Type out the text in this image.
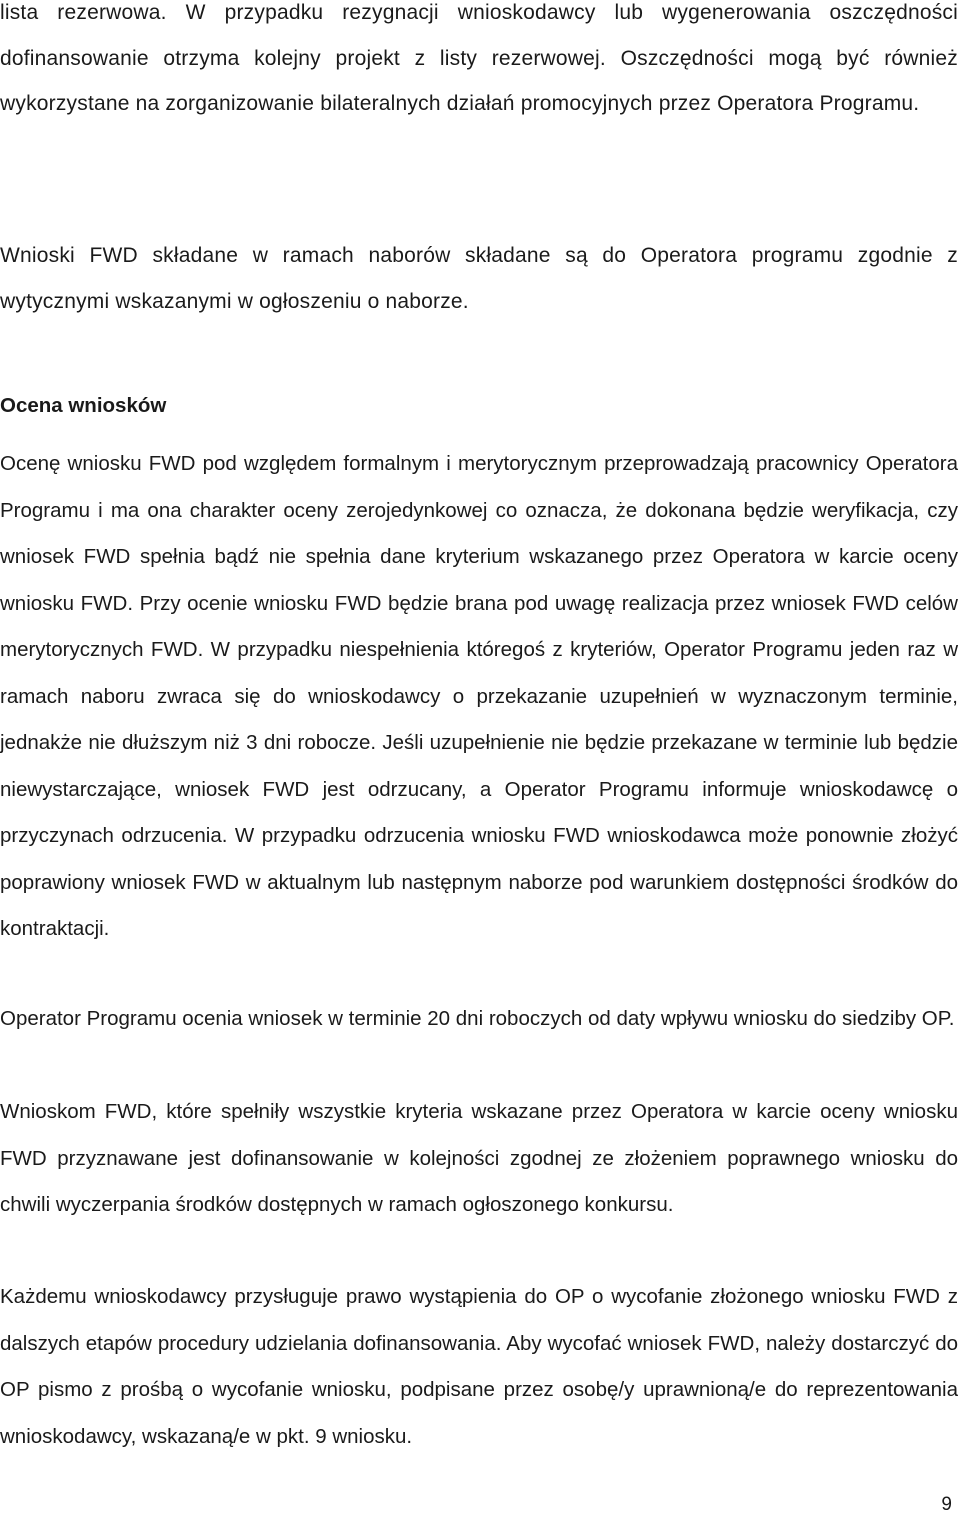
lista rezerwowa. W przypadku rezygnacji wnioskodawcy lub wygenerowania oszczędności dofinansowanie otrzyma kolejny projekt z listy rezerwowej. Oszczędności mogą być również wykorzystane na zorganizowanie bilateralnych działań promocyjnych przez Operatora Programu.

Wnioski FWD składane w ramach naborów składane są do Operatora programu zgodnie z wytycznymi wskazanymi w ogłoszeniu o naborze.

Ocena wniosków

Ocenę wniosku FWD pod względem formalnym i merytorycznym przeprowadzają pracownicy Operatora Programu i ma ona charakter oceny zerojedynkowej co oznacza, że dokonana będzie weryfikacja, czy wniosek FWD spełnia bądź nie spełnia dane kryterium wskazanego przez Operatora w karcie oceny wniosku FWD. Przy ocenie wniosku FWD będzie brana pod uwagę realizacja przez wniosek FWD celów merytorycznych FWD. W przypadku niespełnienia któregoś z kryteriów, Operator Programu jeden raz w ramach naboru zwraca się do wnioskodawcy o przekazanie uzupełnień w wyznaczonym terminie, jednakże nie dłuższym niż 3 dni robocze. Jeśli uzupełnienie nie będzie przekazane w terminie lub będzie niewystarczające, wniosek FWD jest odrzucany, a Operator Programu informuje wnioskodawcę o przyczynach odrzucenia. W przypadku odrzucenia wniosku FWD wnioskodawca może ponownie złożyć poprawiony wniosek FWD w aktualnym lub następnym naborze pod warunkiem dostępności środków do kontraktacji.

Operator Programu ocenia wniosek w terminie 20 dni roboczych od daty wpływu wniosku do siedziby OP.

Wnioskom FWD, które spełniły wszystkie kryteria wskazane przez Operatora w karcie oceny wniosku FWD przyznawane jest dofinansowanie w kolejności zgodnej ze złożeniem poprawnego wniosku do chwili wyczerpania środków dostępnych w ramach ogłoszonego konkursu.

Każdemu wnioskodawcy przysługuje prawo wystąpienia do OP o wycofanie złożonego wniosku FWD z dalszych etapów procedury udzielania dofinansowania. Aby wycofać wniosek FWD, należy dostarczyć do OP pismo z prośbą o wycofanie wniosku, podpisane przez osobę/y uprawnioną/e do reprezentowania wnioskodawcy, wskazaną/e w pkt. 9 wniosku.

9
